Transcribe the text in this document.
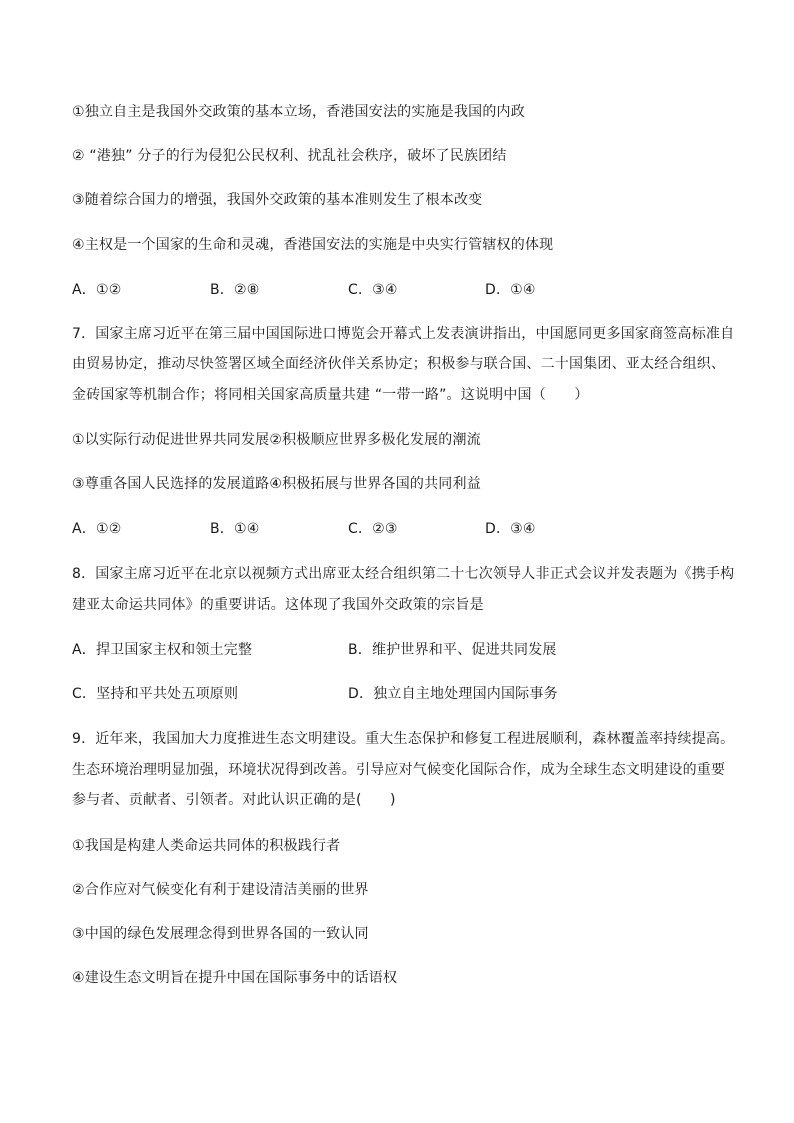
①独立自主是我国外交政策的基本立场，香港国安法的实施是我国的内政
② “港独” 分子的行为侵犯公民权利、扰乱社会秩序，破坏了民族团结
③随着综合国力的增强，我国外交政策的基本准则发生了根本改变
④主权是一个国家的生命和灵魂，香港国安法的实施是中央实行管辖权的体现
A．①②	B．②⑧	C．③④	D．①④
7．国家主席习近平在第三届中国国际进口博览会开幕式上发表演讲指出，中国愿同更多国家商签高标准自
由贸易协定，推动尽快签署区域全面经济伙伴关系协定；积极参与联合国、二十国集团、亚太经合组织、
金砖国家等机制合作；将同相关国家高质量共建 “一带一路”。这说明中国（　　）
①以实际行动促进世界共同发展②积极顺应世界多极化发展的潮流
③尊重各国人民选择的发展道路④积极拓展与世界各国的共同利益
A．①②	B．①④	C．②③	D．③④
8．国家主席习近平在北京以视频方式出席亚太经合组织第二十七次领导人非正式会议并发表题为《携手构
建亚太命运共同体》的重要讲话。这体现了我国外交政策的宗旨是
A．捍卫国家主权和领土完整	B．维护世界和平、促进共同发展
C．坚持和平共处五项原则	D．独立自主地处理国内国际事务
9．近年来，我国加大力度推进生态文明建设。重大生态保护和修复工程进展顺利，森林覆盖率持续提高。
生态环境治理明显加强，环境状况得到改善。引导应对气候变化国际合作，成为全球生态文明建设的重要
参与者、贡献者、引领者。对此认识正确的是(　　)
①我国是构建人类命运共同体的积极践行者
②合作应对气候变化有利于建设清洁美丽的世界
③中国的绿色发展理念得到世界各国的一致认同
④建设生态文明旨在提升中国在国际事务中的话语权
